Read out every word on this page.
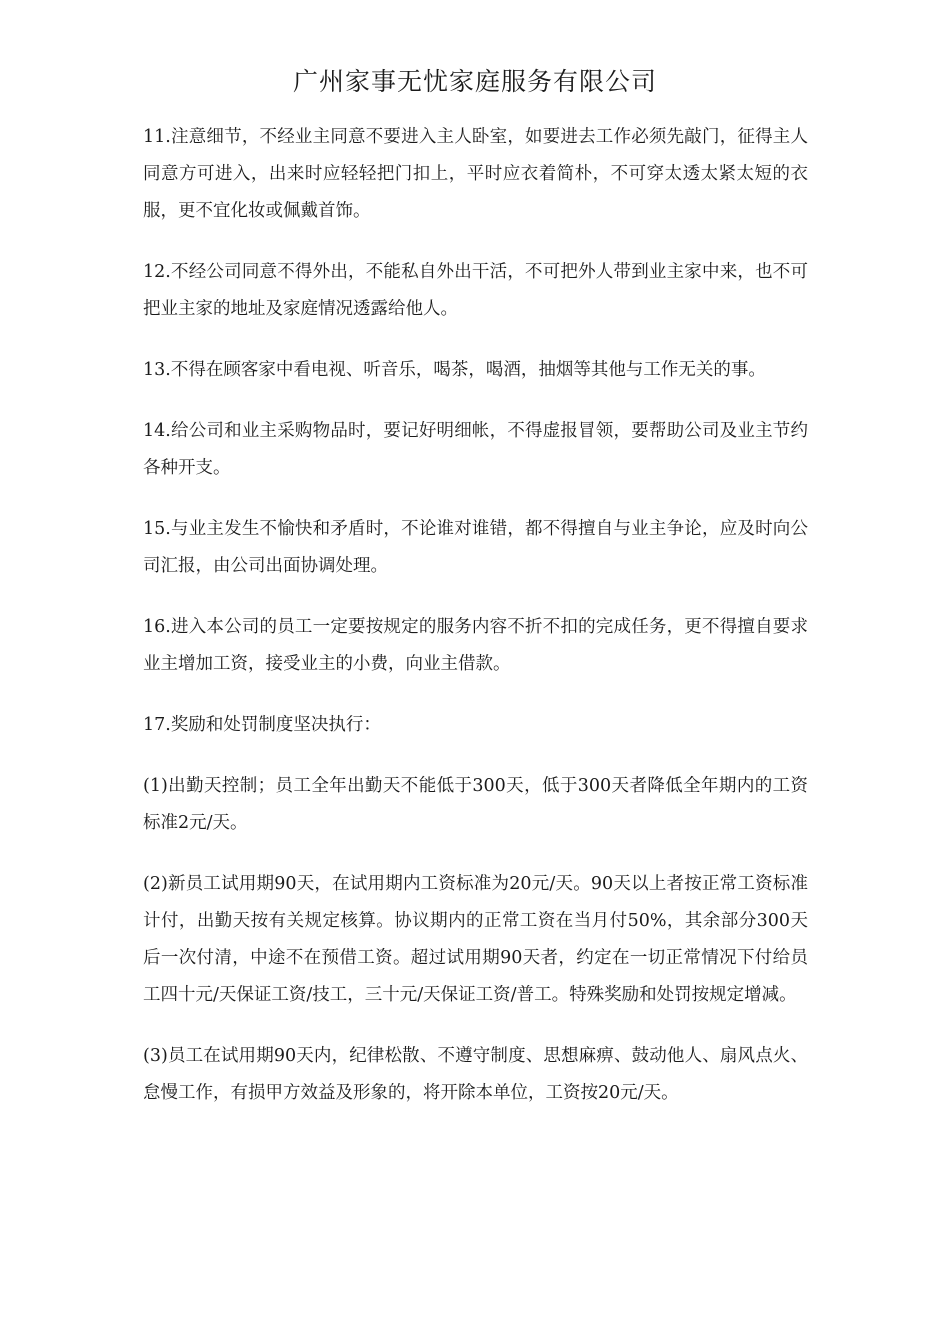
广州家事无忧家庭服务有限公司

11.注意细节，不经业主同意不要进入主人卧室，如要进去工作必须先敲门，征得主人同意方可进入，出来时应轻轻把门扣上，平时应衣着简朴，不可穿太透太紧太短的衣服，更不宜化妆或佩戴首饰。

12.不经公司同意不得外出，不能私自外出干活，不可把外人带到业主家中来，也不可把业主家的地址及家庭情况透露给他人。

13.不得在顾客家中看电视、听音乐，喝茶，喝酒，抽烟等其他与工作无关的事。

14.给公司和业主采购物品时，要记好明细帐，不得虚报冒领，要帮助公司及业主节约各种开支。

15.与业主发生不愉快和矛盾时，不论谁对谁错，都不得擅自与业主争论，应及时向公司汇报，由公司出面协调处理。

16.进入本公司的员工一定要按规定的服务内容不折不扣的完成任务，更不得擅自要求业主增加工资，接受业主的小费，向业主借款。

17.奖励和处罚制度坚决执行：

(1)出勤天控制；员工全年出勤天不能低于300天，低于300天者降低全年期内的工资标准2元/天。

(2)新员工试用期90天，在试用期内工资标准为20元/天。90天以上者按正常工资标准计付，出勤天按有关规定核算。协议期内的正常工资在当月付50%，其余部分300天后一次付清，中途不在预借工资。超过试用期90天者，约定在一切正常情况下付给员工四十元/天保证工资/技工，三十元/天保证工资/普工。特殊奖励和处罚按规定增减。

(3)员工在试用期90天内，纪律松散、不遵守制度、思想麻痹、鼓动他人、扇风点火、怠慢工作，有损甲方效益及形象的，将开除本单位，工资按20元/天。
